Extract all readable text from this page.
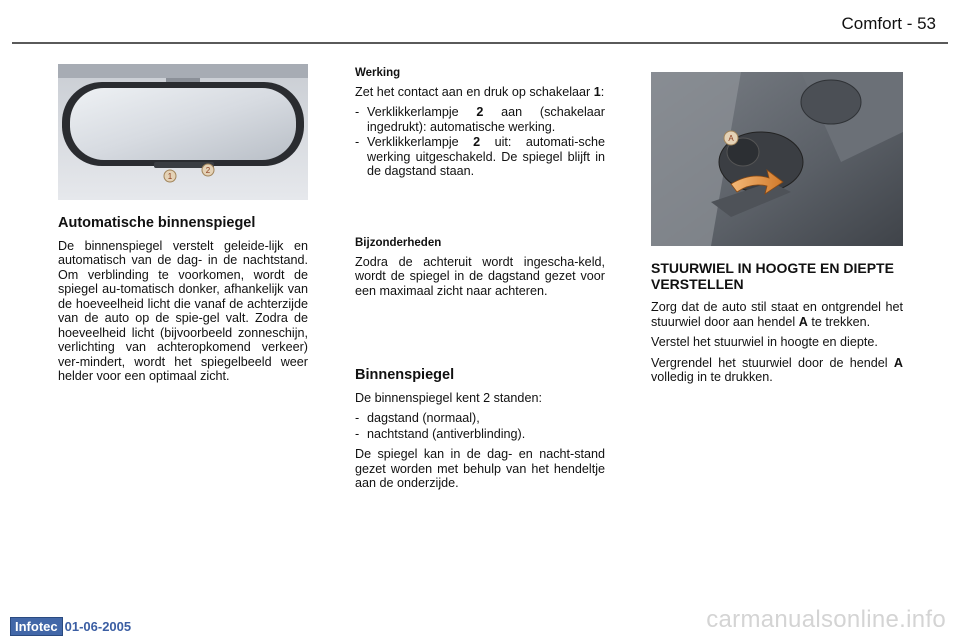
Comfort - 53
1
2
Automatische binnenspiegel

De binnenspiegel verstelt geleide-lijk en automatisch van de dag- in de nachtstand. Om verblinding te voorkomen, wordt de spiegel au-tomatisch donker, afhankelijk van de hoeveelheid licht die vanaf de achterzijde van de auto op de spie-gel valt. Zodra de hoeveelheid licht (bijvoorbeeld zonneschijn, verlichting van achteropkomend verkeer) ver-mindert, wordt het spiegelbeeld weer helder voor een optimaal zicht.

Werking

Zet het contact aan en druk op schakelaar 1:

- Verklikkerlampje 2 aan (schakelaar ingedrukt): automatische werking.
- Verklikkerlampje 2 uit: automati-sche werking uitgeschakeld. De spiegel blijft in de dagstand staan.
Bijzonderheden

Zodra de achteruit wordt ingescha-keld, wordt de spiegel in de dagstand gezet voor een maximaal zicht naar achteren.

Binnenspiegel

De binnenspiegel kent 2 standen:

- dagstand (normaal),
- nachtstand (antiverblinding).

De spiegel kan in de dag- en nacht-stand gezet worden met behulp van het hendeltje aan de onderzijde.

A
STUURWIEL IN HOOGTE EN DIEPTE VERSTELLEN

Zorg dat de auto stil staat en ontgrendel het stuurwiel door aan hendel A te trekken.

Verstel het stuurwiel in hoogte en diepte.

Vergrendel het stuurwiel door de hendel A volledig in te drukken.

Infotec 01-06-2005	carmanualsonline.info
